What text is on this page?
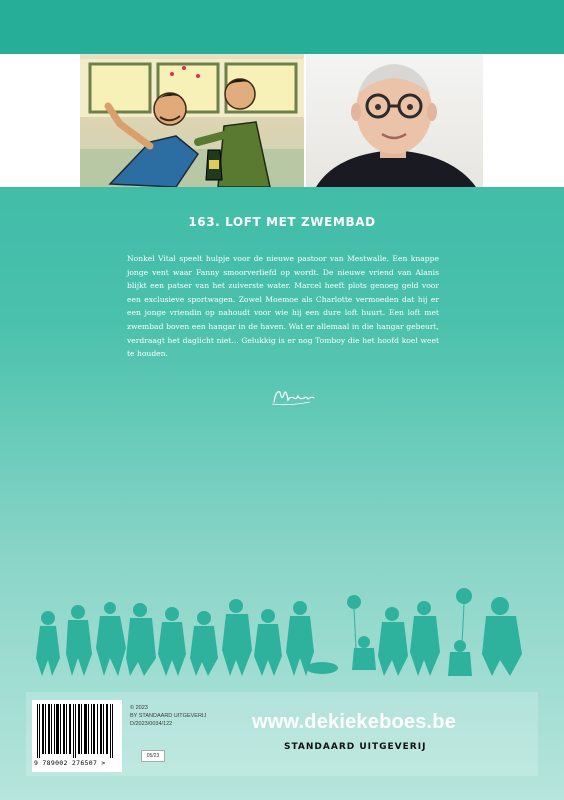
163. LOFT MET ZWEMBAD

Nonkel Vital speelt hulpje voor de nieuwe pastoor van Mestwalle. Een knappe jonge vent waar Fanny smoorverliefd op wordt. De nieuwe vriend van Alanis blijkt een patser van het zuiverste water. Marcel heeft plots genoeg geld voor een exclusieve sportwagen. Zowel Moemoe als Charlotte vermoeden dat hij er een jonge vriendin op nahoudt voor wie hij een dure loft huurt. Een loft met zwembad boven een hangar in de haven. Wat er allemaal in die hangar gebeurt, verdraagt het daglicht niet... Gelukkig is er nog Tomboy die het hoofd koel weet te houden.

9 789002 276507 >
© 2023
BY STANDAARD UITGEVERIJ
D/2023/0034/122
05/23
www.dekiekeboes.be
STANDAARD UITGEVERIJ
